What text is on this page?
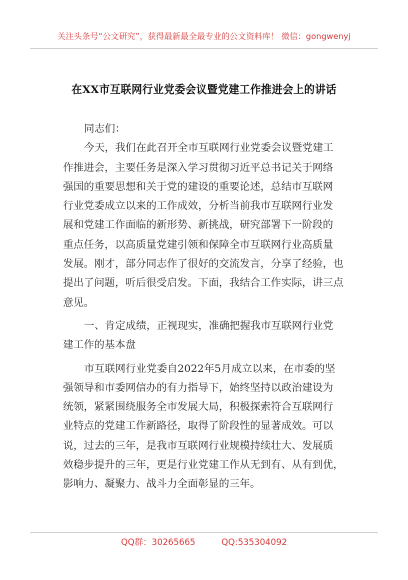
关注头条号“公文研究”，获得最新最全最专业的公文资料库！ 微信：gongwenyj
在XX市互联网行业党委会议暨党建工作推进会上的讲话
同志们：
今天，我们在此召开全市互联网行业党委会议暨党建工
作推进会，主要任务是深入学习贯彻习近平总书记关于网络
强国的重要思想和关于党的建设的重要论述，总结市互联网
行业党委成立以来的工作成效，分析当前我市互联网行业发
展和党建工作面临的新形势、新挑战，研究部署下一阶段的
重点任务，以高质量党建引领和保障全市互联网行业高质量
发展。刚才，部分同志作了很好的交流发言，分享了经验，也
提出了问题，听后很受启发。下面，我结合工作实际，讲三点
意见。
一、肯定成绩，正视现实，准确把握我市互联网行业党
建工作的基本盘
市互联网行业党委自2022年5月成立以来，在市委的坚
强领导和市委网信办的有力指导下，始终坚持以政治建设为
统领，紧紧围绕服务全市发展大局，积极探索符合互联网行
业特点的党建工作新路径，取得了阶段性的显著成效。可以
说，过去的三年，是我市互联网行业规模持续壮大、发展质
效稳步提升的三年，更是行业党建工作从无到有、从有到优，
影响力、凝聚力、战斗力全面彰显的三年。
QQ群：30265665	QQ:535304092
